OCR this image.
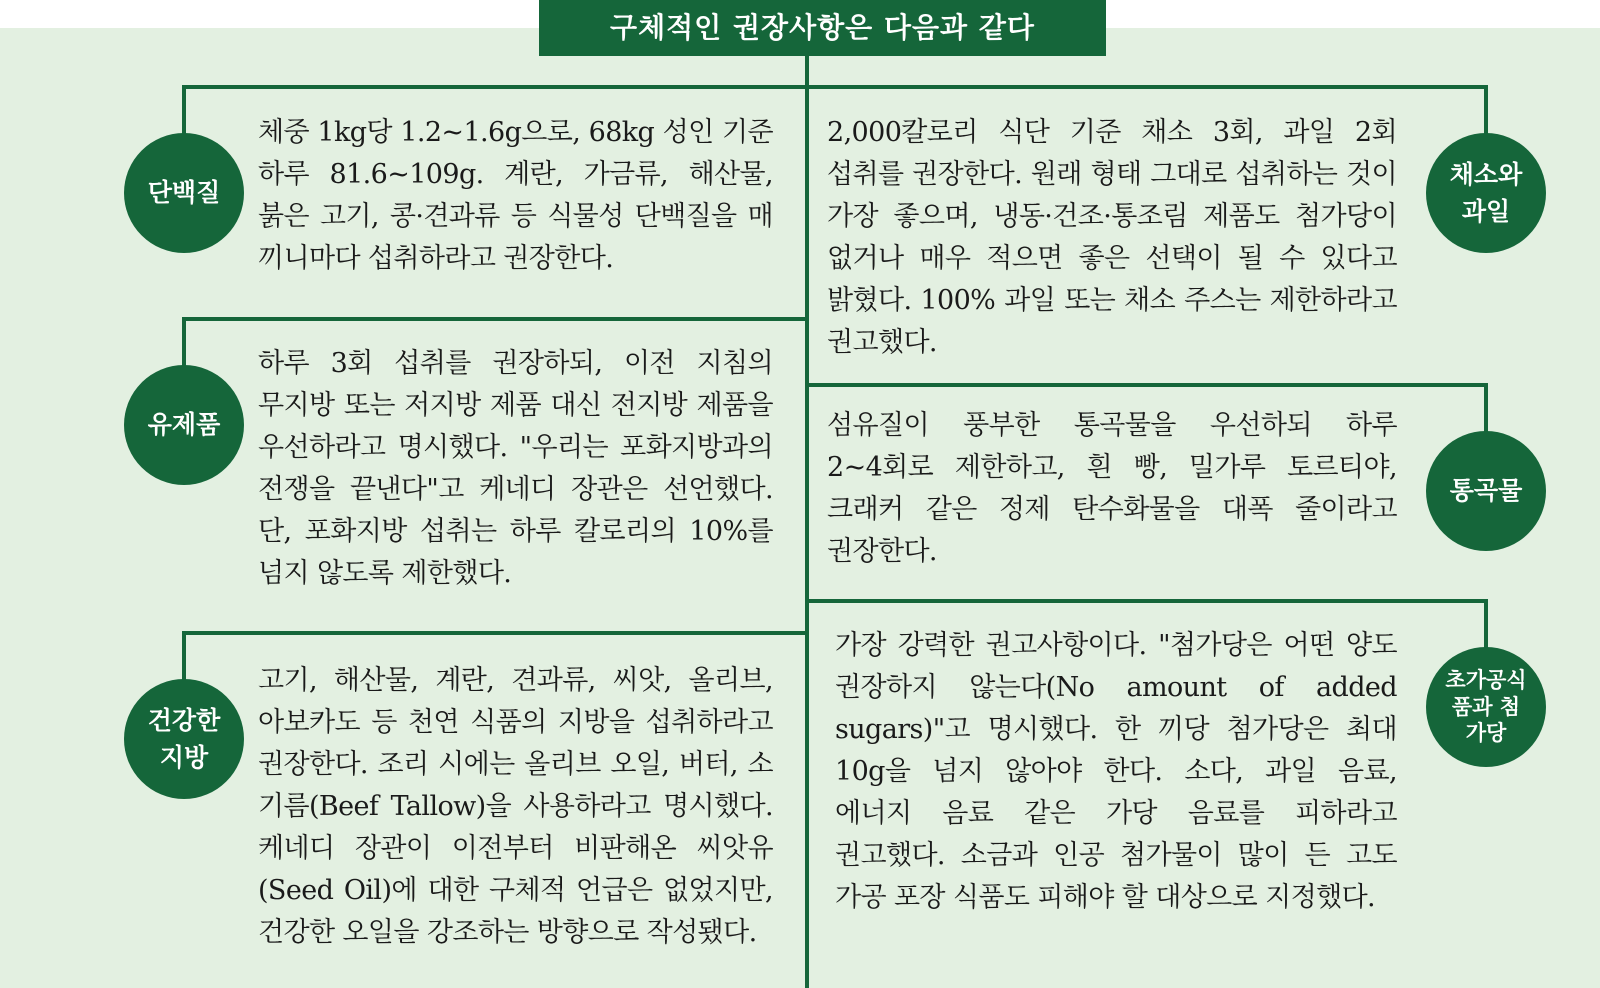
구체적인 권장사항은 다음과 같다
단백질
체중 1kg당 1.2~1.6g으로, 68kg 성인 기준 하루 81.6~109g. 계란, 가금류, 해산물, 붉은 고기, 콩·견과류 등 식물성 단백질을 매 끼니마다 섭취하라고 권장한다.
유제품
하루 3회 섭취를 권장하되, 이전 지침의 무지방 또는 저지방 제품 대신 전지방 제품을 우선하라고 명시했다. "우리는 포화지방과의 전쟁을 끝낸다"고 케네디 장관은 선언했다. 단, 포화지방 섭취는 하루 칼로리의 10%를 넘지 않도록 제한했다.
건강한
지방
고기, 해산물, 계란, 견과류, 씨앗, 올리브, 아보카도 등 천연 식품의 지방을 섭취하라고 권장한다. 조리 시에는 올리브 오일, 버터, 소 기름(Beef Tallow)을 사용하라고 명시했다. 케네디 장관이 이전부터 비판해온 씨앗유(Seed Oil)에 대한 구체적 언급은 없었지만, 건강한 오일을 강조하는 방향으로 작성됐다.
채소와
과일
2,000칼로리 식단 기준 채소 3회, 과일 2회 섭취를 권장한다. 원래 형태 그대로 섭취하는 것이 가장 좋으며, 냉동·건조·통조림 제품도 첨가당이 없거나 매우 적으면 좋은 선택이 될 수 있다고 밝혔다. 100% 과일 또는 채소 주스는 제한하라고 권고했다.
통곡물
섬유질이 풍부한 통곡물을 우선하되 하루 2~4회로 제한하고, 흰 빵, 밀가루 토르티야, 크래커 같은 정제 탄수화물을 대폭 줄이라고 권장한다.
초가공식
품과 첨
가당
가장 강력한 권고사항이다. "첨가당은 어떤 양도 권장하지 않는다(No amount of added sugars)"고 명시했다. 한 끼당 첨가당은 최대 10g을 넘지 않아야 한다. 소다, 과일 음료, 에너지 음료 같은 가당 음료를 피하라고 권고했다. 소금과 인공 첨가물이 많이 든 고도 가공 포장 식품도 피해야 할 대상으로 지정했다.
